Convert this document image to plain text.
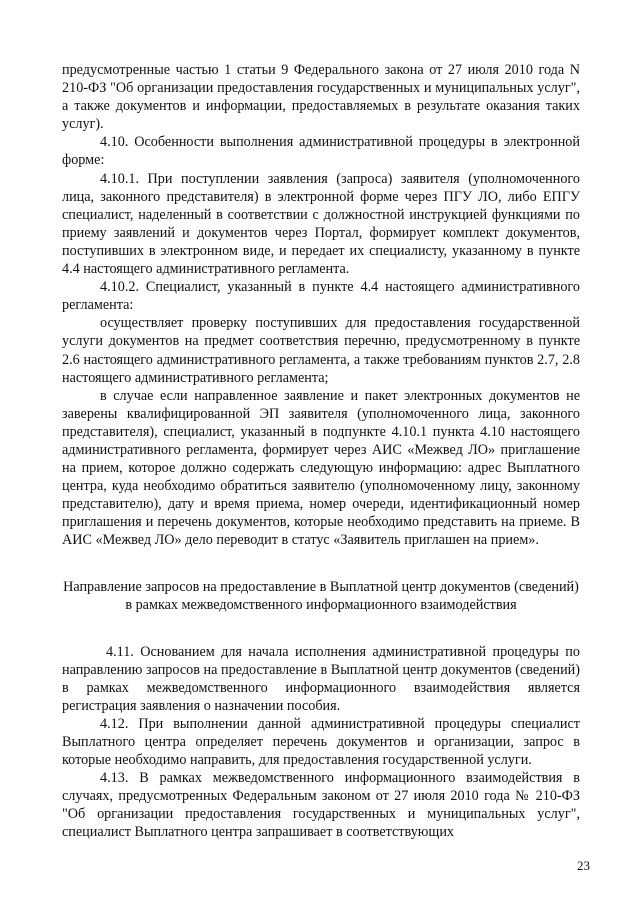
предусмотренные частью 1 статьи 9 Федерального закона от 27 июля 2010 года N 210-ФЗ "Об организации предоставления государственных и муниципальных услуг", а также документов и информации, предоставляемых в результате оказания таких услуг).

4.10. Особенности выполнения административной процедуры в электронной форме:

4.10.1. При поступлении заявления (запроса) заявителя (уполномоченного лица, законного представителя) в электронной форме через ПГУ ЛО, либо ЕПГУ специалист, наделенный в соответствии с должностной инструкцией функциями по приему заявлений и документов через Портал, формирует комплект документов, поступивших в электронном виде, и передает их специалисту, указанному в пункте 4.4 настоящего административного регламента.

4.10.2. Специалист, указанный в пункте 4.4 настоящего административного регламента:

осуществляет проверку поступивших для предоставления государственной услуги документов на предмет соответствия перечню, предусмотренному в пункте 2.6 настоящего административного регламента, а также требованиям пунктов 2.7, 2.8 настоящего административного регламента;

в случае если направленное заявление и пакет электронных документов не заверены квалифицированной ЭП заявителя (уполномоченного лица, законного представителя), специалист, указанный в подпункте 4.10.1 пункта 4.10 настоящего административного регламента, формирует через АИС «Межвед ЛО» приглашение на прием, которое должно содержать следующую информацию: адрес Выплатного центра, куда необходимо обратиться заявителю (уполномоченному лицу, законному представителю), дату и время приема, номер очереди, идентификационный номер приглашения и перечень документов, которые необходимо представить на приеме. В АИС «Межвед ЛО» дело переводит в статус «Заявитель приглашен на прием».

Направление запросов на предоставление в Выплатной центр документов (сведений) в рамках межведомственного информационного взаимодействия

4.11. Основанием для начала исполнения административной процедуры по направлению запросов на предоставление в Выплатной центр документов (сведений) в рамках межведомственного информационного взаимодействия является регистрация заявления о назначении пособия.

4.12. При выполнении данной административной процедуры специалист Выплатного центра определяет перечень документов и организации, запрос в которые необходимо направить, для предоставления государственной услуги.

4.13. В рамках межведомственного информационного взаимодействия в случаях, предусмотренных Федеральным законом от 27 июля 2010 года № 210-ФЗ "Об организации предоставления государственных и муниципальных услуг", специалист Выплатного центра запрашивает в соответствующих

23
